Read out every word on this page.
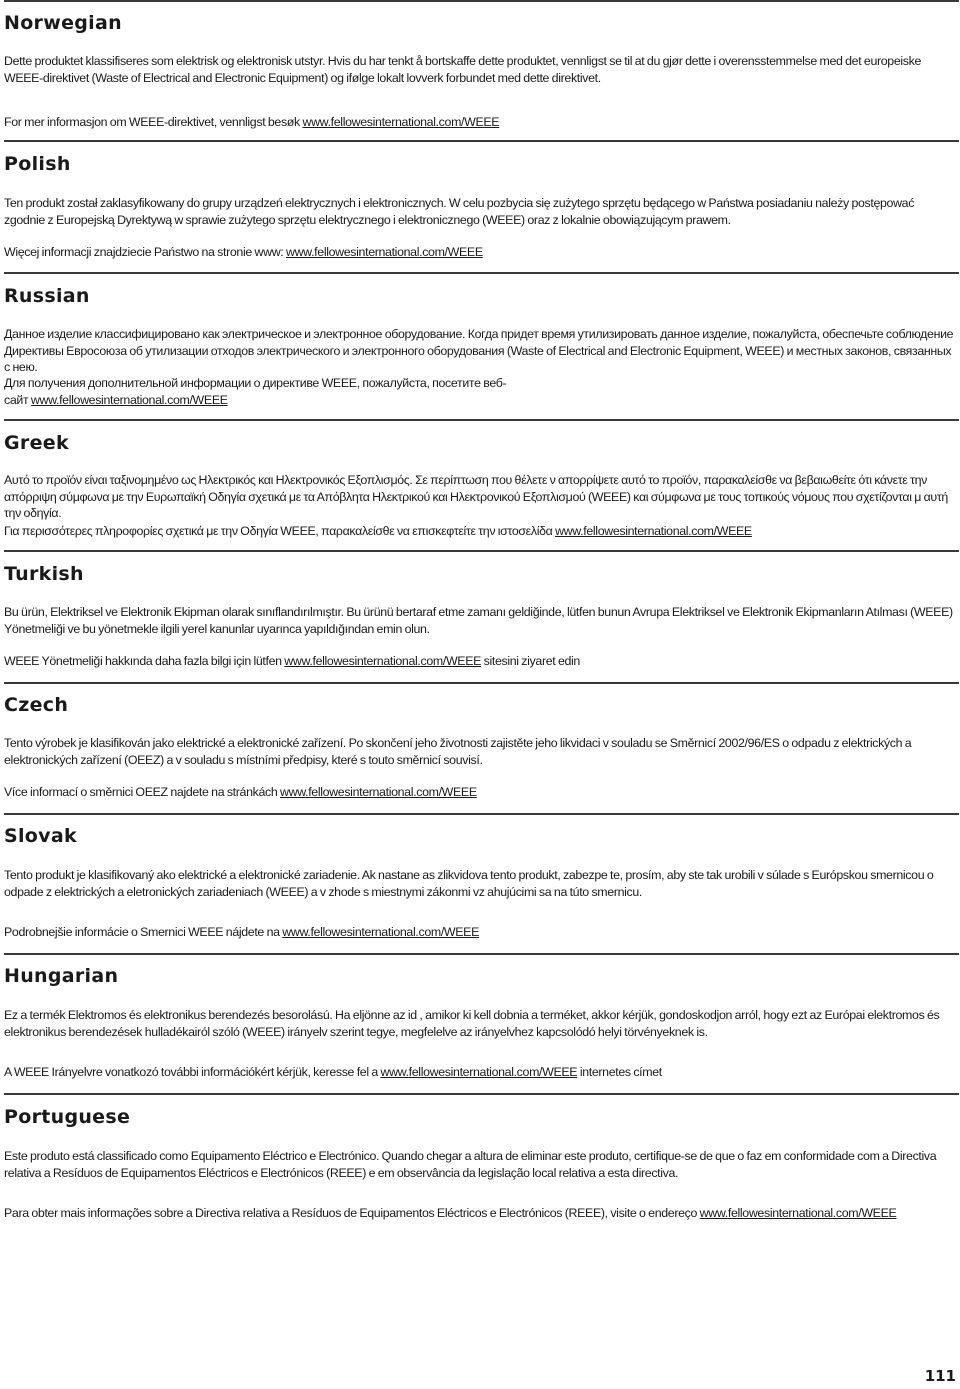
Norwegian

Dette produktet klassifiseres som elektrisk og elektronisk utstyr. Hvis du har tenkt å bortskaffe dette produktet, vennligst se til at du gjør dette i overensstemmelse med det europeiske WEEE-direktivet (Waste of Electrical and Electronic Equipment) og ifølge lokalt lovverk forbundet med dette direktivet.

For mer informasjon om WEEE-direktivet, vennligst besøk www.fellowesinternational.com/WEEE

Polish

Ten produkt został zaklasyfikowany do grupy urządzeń elektrycznych i elektronicznych. W celu pozbycia się zużytego sprzętu będącego w Państwa posiadaniu należy postępować zgodnie z Europejską Dyrektywą w sprawie zużytego sprzętu elektrycznego i elektronicznego (WEEE) oraz z lokalnie obowiązującym prawem.

Więcej informacji znajdziecie Państwo na stronie www: www.fellowesinternational.com/WEEE

Russian

Данное изделие классифицировано как электрическое и электронное оборудование. Когда придет время утилизировать данное изделие, пожалуйста, обеспечьте соблюдение Директивы Евросоюза об утилизации отходов электрического и электронного оборудования (Waste of Electrical and Electronic Equipment, WEEE) и местных законов, связанных с нею.

Для получения дополнительной информации о директиве WEEE, пожалуйста, посетите веб-сайт www.fellowesinternational.com/WEEE

Greek

Αυτό το προϊόν είναι ταξινομημένο ως Ηλεκτρικός και Ηλεκτρονικός Εξοπλισμός. Σε περίπτωση που θέλετε ν απορρίψετε αυτό το προϊόν, παρακαλείσθε να βεβαιωθείτε ότι κάνετε την απόρριψη σύμφωνα με την Ευρωπαϊκή Οδηγία σχετικά με τα Απόβλητα Ηλεκτρικού και Ηλεκτρονικού Εξοπλισμού (WEEE) και σύμφωνα με τους τοπικούς νόμους που σχετίζονται μ αυτή την οδηγία.

Για περισσότερες πληροφορίες σχετικά με την Οδηγία WEEE, παρακαλείσθε να επισκεφτείτε την ιστοσελίδα www.fellowesinternational.com/WEEE

Turkish

Bu ürün, Elektriksel ve Elektronik Ekipman olarak sınıflandırılmıştır. Bu ürünü bertaraf etme zamanı geldiğinde, lütfen bunun Avrupa Elektriksel ve Elektronik Ekipmanların Atılması (WEEE) Yönetmeliği ve bu yönetmekle ilgili yerel kanunlar uyarınca yapıldığından emin olun.

WEEE Yönetmeliği hakkında daha fazla bilgi için lütfen www.fellowesinternational.com/WEEE sitesini ziyaret edin

Czech

Tento výrobek je klasifikován jako elektrické a elektronické zařízení. Po skončení jeho životnosti zajistěte jeho likvidaci v souladu se Směrnicí 2002/96/ES o odpadu z elektrických a elektronických zařízení (OEEZ) a v souladu s místními předpisy, které s touto směrnicí souvisí.

Více informací o směrnici OEEZ najdete na stránkách www.fellowesinternational.com/WEEE

Slovak

Tento produkt je klasifikovaný ako elektrické a elektronické zariadenie. Ak nastane as zlikvidova tento produkt, zabezpe te, prosím, aby ste tak urobili v súlade s Európskou smernicou o odpade z elektrických a eletronických zariadeniach (WEEE) a v zhode s miestnymi zákonmi vz ahujúcimi sa na túto smernicu.

Podrobnejšie informácie o Smernici WEEE nájdete na www.fellowesinternational.com/WEEE

Hungarian

Ez a termék Elektromos és elektronikus berendezés besorolású. Ha eljönne az id , amikor ki kell dobnia a terméket, akkor kérjük, gondoskodjon arról, hogy ezt az Európai elektromos és elektronikus berendezések hulladékairól szóló (WEEE) irányelv szerint tegye, megfelelve az irányelvhez kapcsolódó helyi törvényeknek is.

A WEEE Irányelvre vonatkozó további információkért kérjük, keresse fel a www.fellowesinternational.com/WEEE internetes címet

Portuguese

Este produto está classificado como Equipamento Eléctrico e Electrónico. Quando chegar a altura de eliminar este produto, certifique-se de que o faz em conformidade com a Directiva relativa a Resíduos de Equipamentos Eléctricos e Electrónicos (REEE) e em observância da legislação local relativa a esta directiva.

Para obter mais informações sobre a Directiva relativa a Resíduos de Equipamentos Eléctricos e Electrónicos (REEE), visite o endereço www.fellowesinternational.com/WEEE

111
